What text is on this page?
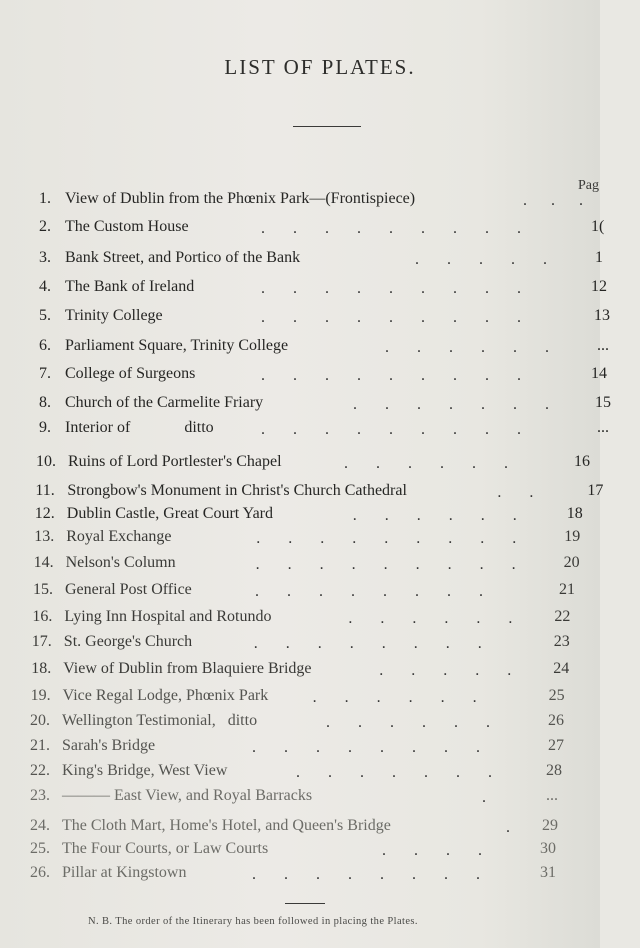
LIST OF PLATES.
Pag
1. View of Dublin from the Phœnix Park—(Frontispiece)	. . .
2. The Custom House	. . . . . . . . .	1(
3. Bank Street, and Portico of the Bank	. . . . .	1
4. The Bank of Ireland	. . . . . . . . .	12
5. Trinity College	. . . . . . . . .	13
6. Parliament Square, Trinity College	. . . . . .	...
7. College of Surgeons	. . . . . . . . .	14
8. Church of the Carmelite Friary	. . . . . . .	15
9. Interior of	ditto	. . . . . . . . .	...
10. Ruins of Lord Portlester's Chapel	. . . . . .	16
11. Strongbow's Monument in Christ's Church Cathedral	. .	17
12. Dublin Castle, Great Court Yard	. . . . . .	18
13. Royal Exchange	. . . . . . . . .	19
14. Nelson's Column	. . . . . . . . .	20
15. General Post Office	. . . . . . . .	21
16. Lying Inn Hospital and Rotundo	. . . . . .	22
17. St. George's Church	. . . . . . . .	23
18. View of Dublin from Blaquiere Bridge	. . . . .	24
19. Vice Regal Lodge, Phœnix Park	. . . . . .	25
20. Wellington Testimonial, ditto	. . . . . .	26
21. Sarah's Bridge	. . . . . . . .	27
22. King's Bridge, West View	. . . . . . .	28
23. ——— East View, and Royal Barracks	.	...
24. The Cloth Mart, Home's Hotel, and Queen's Bridge	. 29
25. The Four Courts, or Law Courts	. . . .	30
26. Pillar at Kingstown	. . . . . . . .	31
N. B. The order of the Itinerary has been followed in placing the Plates.
